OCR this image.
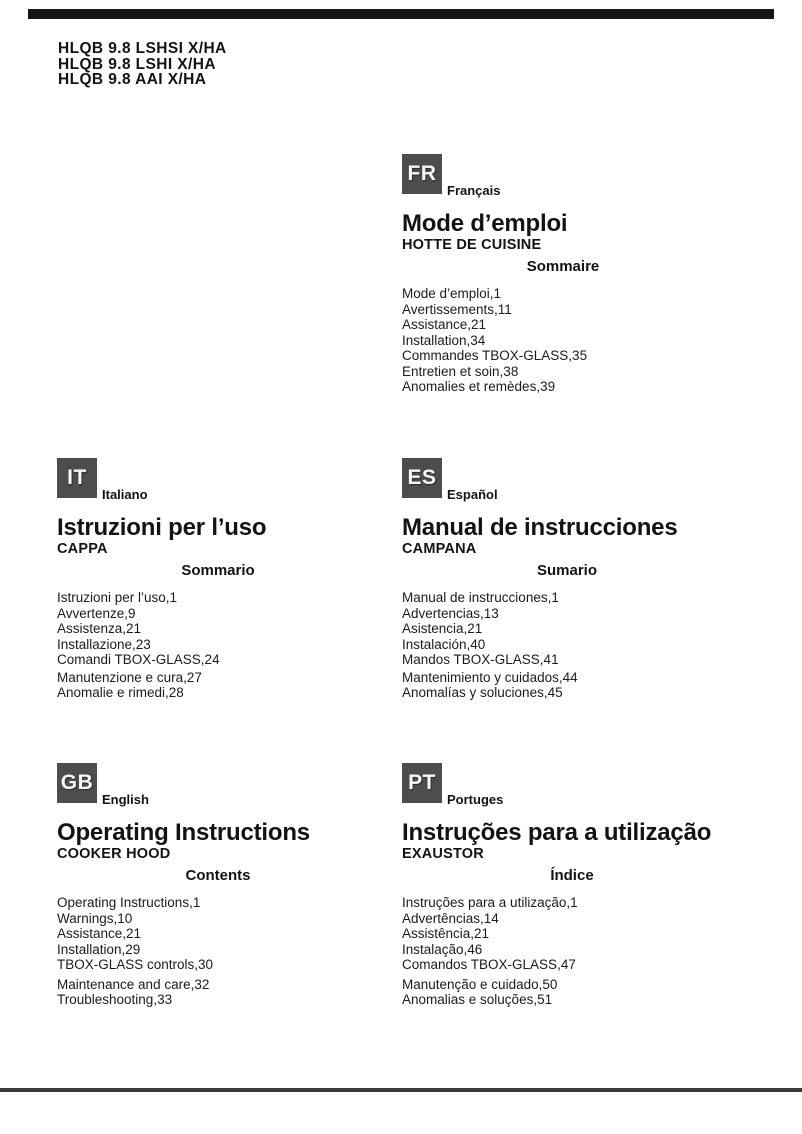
HLQB 9.8 LSHSI X/HA
HLQB 9.8 LSHI X/HA
HLQB 9.8 AAI X/HA
FR
Français
Mode d’emploi
HOTTE DE CUISINE
Sommaire
Mode d’emploi,1
Avertissements,11
Assistance,21
Installation,34
Commandes TBOX-GLASS,35
Entretien et soin,38
Anomalies et remèdes,39
IT
Italiano
Istruzioni per l’uso
CAPPA
Sommario
Istruzioni per l’uso,1
Avvertenze,9
Assistenza,21
Installazione,23
Comandi TBOX-GLASS,24
Manutenzione e cura,27
Anomalie e rimedi,28
ES
Español
Manual de instrucciones
CAMPANA
Sumario
Manual de instrucciones,1
Advertencias,13
Asistencia,21
Instalación,40
Mandos TBOX-GLASS,41
Mantenimiento y cuidados,44
Anomalías y soluciones,45
GB
English
Operating Instructions
COOKER HOOD
Contents
Operating Instructions,1
Warnings,10
Assistance,21
Installation,29
TBOX-GLASS controls,30
Maintenance and care,32
Troubleshooting,33
PT
Portuges
Instruções para a utilização
EXAUSTOR
Índice
Instruções para a utilização,1
Advertências,14
Assistência,21
Instalação,46
Comandos TBOX-GLASS,47
Manutenção e cuidado,50
Anomalias e soluções,51
